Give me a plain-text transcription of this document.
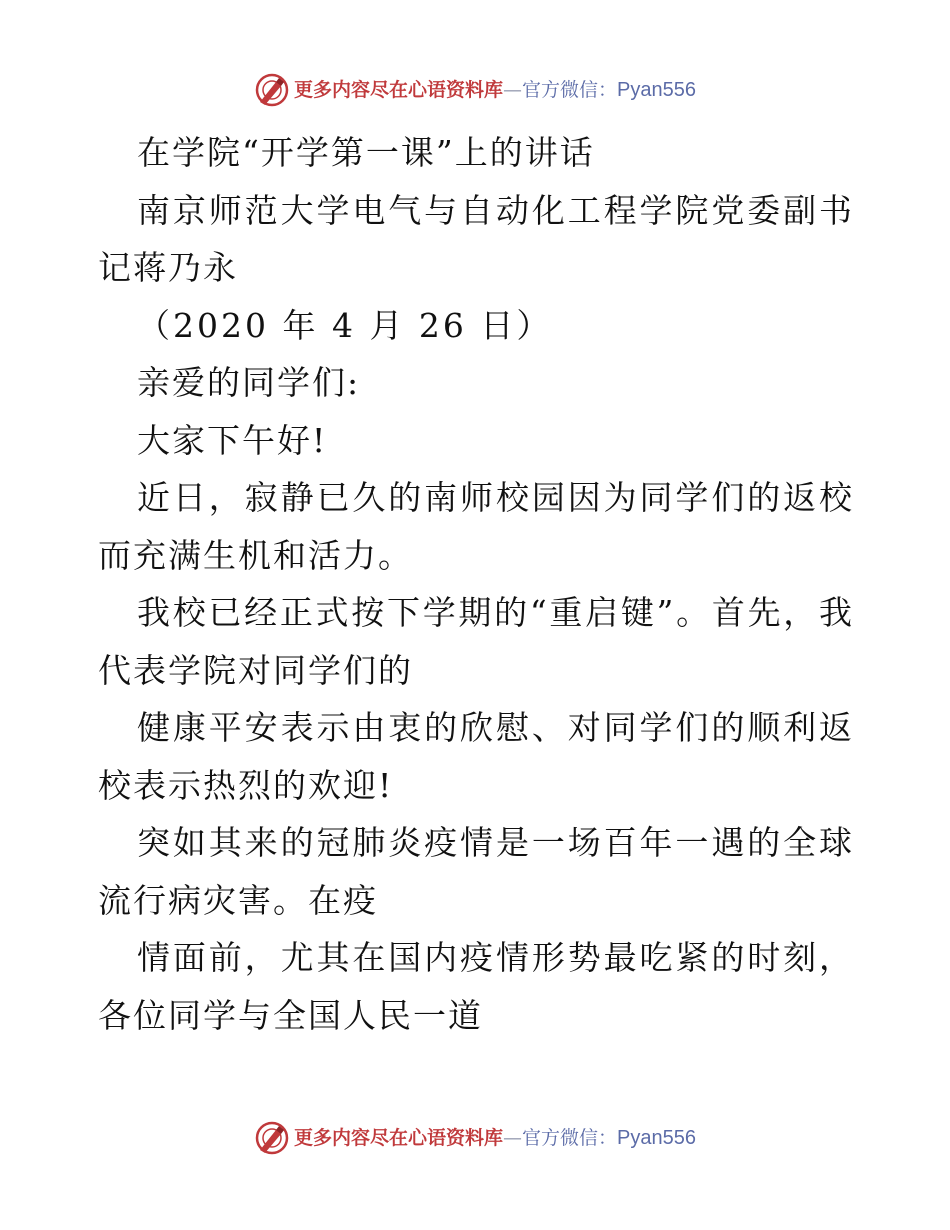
更多内容尽在心语资料库 — 官方微信： Pyan556

在学院“开学第一课”上的讲话

南京师范大学电气与自动化工程学院党委副书记蒋乃永

（2020 年 4 月 26 日）

亲爱的同学们:

大家下午好!

近日，寂静已久的南师校园因为同学们的返校而充满生机和活力。

我校已经正式按下学期的“重启键”。首先，我代表学院对同学们的

健康平安表示由衷的欣慰、对同学们的顺利返校表示热烈的欢迎!

突如其来的冠肺炎疫情是一场百年一遇的全球流行病灾害。在疫

情面前，尤其在国内疫情形势最吃紧的时刻，各位同学与全国人民一道

更多内容尽在心语资料库 — 官方微信： Pyan556
